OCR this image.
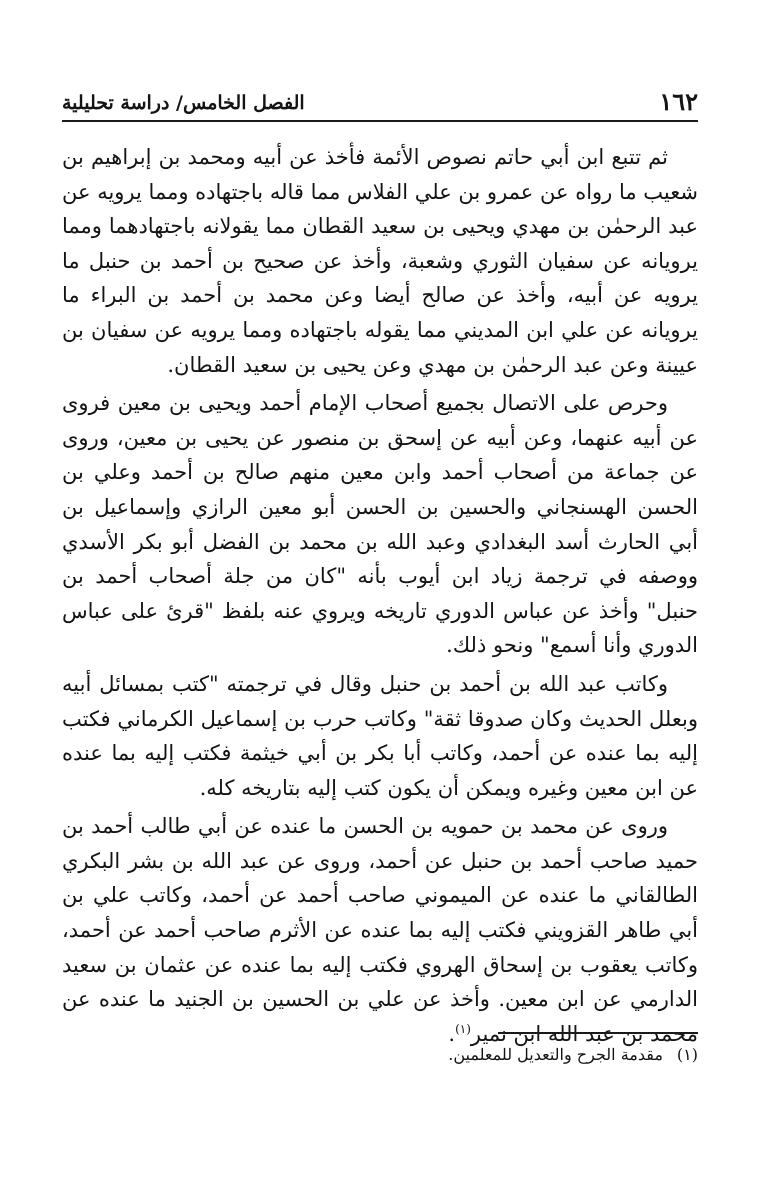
١٦٢
الفصل الخامس/ دراسة تحليلية

ثم تتبع ابن أبي حاتم نصوص الأئمة فأخذ عن أبيه ومحمد بن إبراهيم بن شعيب ما رواه عن عمرو بن علي الفلاس مما قاله باجتهاده ومما يرويه عن عبد الرحمٰن بن مهدي ويحيى بن سعيد القطان مما يقولانه باجتهادهما ومما يرويانه عن سفيان الثوري وشعبة، وأخذ عن صحيح بن أحمد بن حنبل ما يرويه عن أبيه، وأخذ عن صالح أيضا وعن محمد بن أحمد بن البراء ما يرويانه عن علي ابن المديني مما يقوله باجتهاده ومما يرويه عن سفيان بن عيينة وعن عبد الرحمٰن بن مهدي وعن يحيى بن سعيد القطان.

وحرص على الاتصال بجميع أصحاب الإمام أحمد ويحيى بن معين فروى عن أبيه عنهما، وعن أبيه عن إسحق بن منصور عن يحيى بن معين، وروى عن جماعة من أصحاب أحمد وابن معين منهم صالح بن أحمد وعلي بن الحسن الهسنجاني والحسين بن الحسن أبو معين الرازي وإسماعيل بن أبي الحارث أسد البغدادي وعبد الله بن محمد بن الفضل أبو بكر الأسدي ووصفه في ترجمة زياد ابن أيوب بأنه "كان من جلة أصحاب أحمد بن حنبل" وأخذ عن عباس الدوري تاريخه ويروي عنه بلفظ "قرئ على عباس الدوري وأنا أسمع" ونحو ذلك.

وكاتب عبد الله بن أحمد بن حنبل وقال في ترجمته "كتب بمسائل أبيه وبعلل الحديث وكان صدوقا ثقة" وكاتب حرب بن إسماعيل الكرماني فكتب إليه بما عنده عن أحمد، وكاتب أبا بكر بن أبي خيثمة فكتب إليه بما عنده عن ابن معين وغيره ويمكن أن يكون كتب إليه بتاريخه كله.

وروى عن محمد بن حمويه بن الحسن ما عنده عن أبي طالب أحمد بن حميد صاحب أحمد بن حنبل عن أحمد، وروى عن عبد الله بن بشر البكري الطالقاني ما عنده عن الميموني صاحب أحمد عن أحمد، وكاتب علي بن أبي طاهر القزويني فكتب إليه بما عنده عن الأثرم صاحب أحمد عن أحمد، وكاتب يعقوب بن إسحاق الهروي فكتب إليه بما عنده عن عثمان بن سعيد الدارمي عن ابن معين. وأخذ عن علي بن الحسين بن الجنيد ما عنده عن محمد بن عبد الله ابن نمير$^{(١)}$.

(١)مقدمة الجرح والتعديل للمعلمين.
